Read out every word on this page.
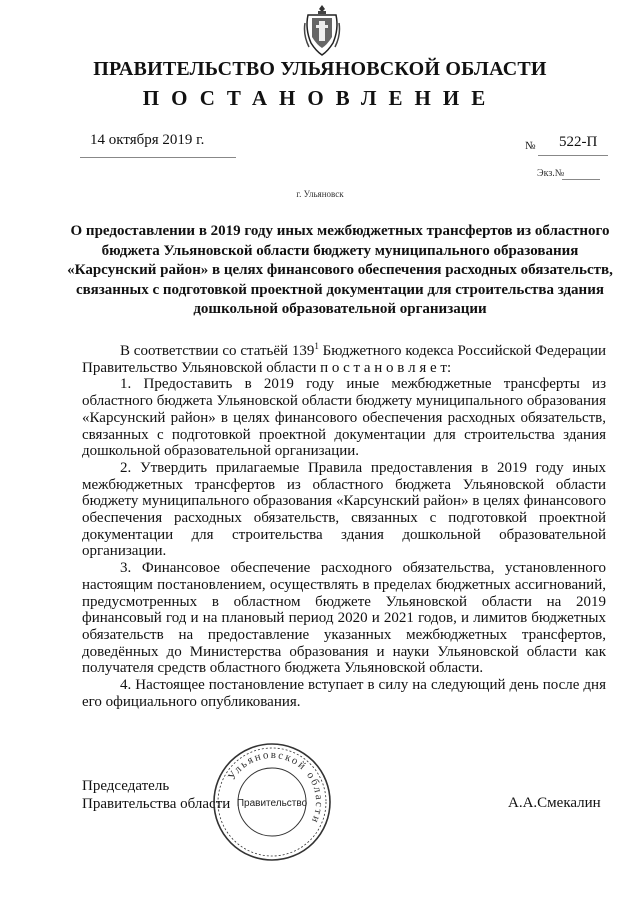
ПРАВИТЕЛЬСТВО УЛЬЯНОВСКОЙ ОБЛАСТИ
ПОСТАНОВЛЕНИЕ
14 октября 2019 г.	№ 522-П
Экз.№
г. Ульяновск
О предоставлении в 2019 году иных межбюджетных трансфертов из областного бюджета Ульяновской области бюджету муниципального образования «Карсунский район» в целях финансового обеспечения расходных обязательств, связанных с подготовкой проектной документации для строительства здания дошкольной образовательной организации

В соответствии со статьёй $139^1$ Бюджетного кодекса Российской Федерации Правительство Ульяновской области п о с т а н о в л я е т:

1. Предоставить в 2019 году иные межбюджетные трансферты из областного бюджета Ульяновской области бюджету муниципального образования «Карсунский район» в целях финансового обеспечения расходных обязательств, связанных с подготовкой проектной документации для строительства здания дошкольной образовательной организации.

2. Утвердить прилагаемые Правила предоставления в 2019 году иных межбюджетных трансфертов из областного бюджета Ульяновской области бюджету муниципального образования «Карсунский район» в целях финансового обеспечения расходных обязательств, связанных с подготовкой проектной документации для строительства здания дошкольной образовательной организации.

3. Финансовое обеспечение расходного обязательства, установленного настоящим постановлением, осуществлять в пределах бюджетных ассигнований, предусмотренных в областном бюджете Ульяновской области на 2019 финансовый год и на плановый период 2020 и 2021 годов, и лимитов бюджетных обязательств на предоставление указанных межбюджетных трансфертов, доведённых до Министерства образования и науки Ульяновской области как получателя средств областного бюджета Ульяновской области.

4. Настоящее постановление вступает в силу на следующий день после дня его официального опубликования.

Председатель
Правительства области	А.А.Смекалин
Ульяновской области
Правительство
